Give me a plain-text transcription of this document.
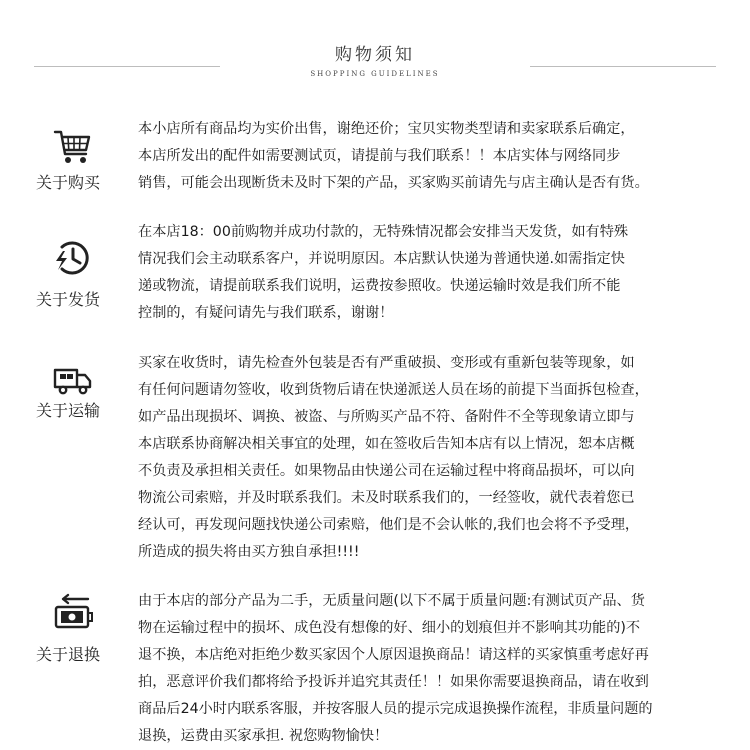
购物须知
SHOPPING GUIDELINES
关于购买
本小店所有商品均为实价出售，谢绝还价；宝贝实物类型请和卖家联系后确定，
本店所发出的配件如需要测试页，请提前与我们联系！！本店实体与网络同步
销售，可能会出现断货未及时下架的产品，买家购买前请先与店主确认是否有货。
关于发货
在本店18：00前购物并成功付款的，无特殊情况都会安排当天发货，如有特殊
情况我们会主动联系客户，并说明原因。本店默认快递为普通快递.如需指定快
递或物流，请提前联系我们说明，运费按参照收。快递运输时效是我们所不能
控制的，有疑问请先与我们联系，谢谢！
关于运输
买家在收货时，请先检查外包装是否有严重破损、变形或有重新包装等现象，如
有任何问题请勿签收，收到货物后请在快递派送人员在场的前提下当面拆包检查，
如产品出现损坏、调换、被盗、与所购买产品不符、备附件不全等现象请立即与
本店联系协商解决相关事宜的处理，如在签收后告知本店有以上情况，恕本店概
不负责及承担相关责任。如果物品由快递公司在运输过程中将商品损坏，可以向
物流公司索赔，并及时联系我们。未及时联系我们的，一经签收，就代表着您已
经认可，再发现问题找快递公司索赔，他们是不会认帐的,我们也会将不予受理，
所造成的损失将由买方独自承担!!!!
关于退换
由于本店的部分产品为二手，无质量问题(以下不属于质量问题:有测试页产品、货
物在运输过程中的损坏、成色没有想像的好、细小的划痕但并不影响其功能的)不
退不换，本店绝对拒绝少数买家因个人原因退换商品！请这样的买家慎重考虑好再
拍，恶意评价我们都将给予投诉并追究其责任！！如果你需要退换商品，请在收到
商品后24小时内联系客服，并按客服人员的提示完成退换操作流程，非质量问题的
退换，运费由买家承担. 祝您购物愉快！
